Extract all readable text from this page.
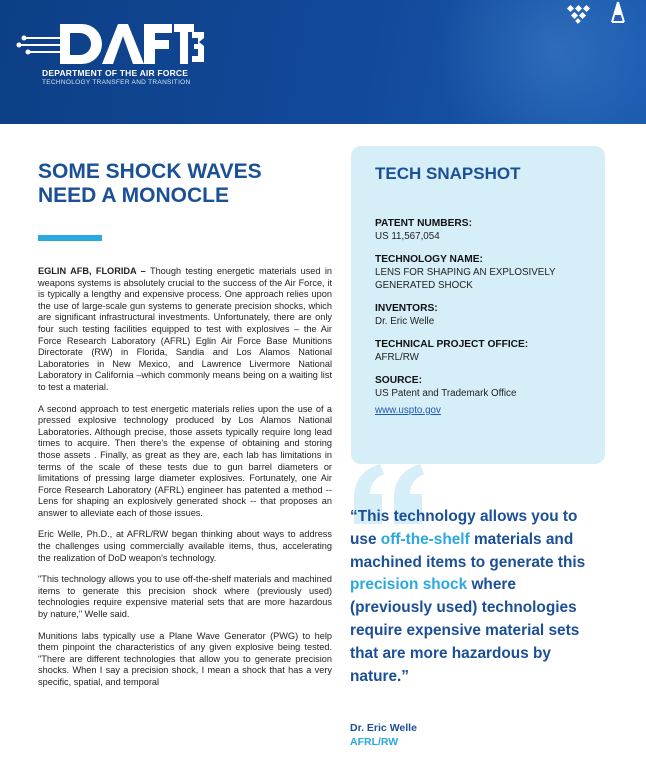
DEPARTMENT OF THE AIR FORCE
TECHNOLOGY TRANSFER AND TRANSITION
SOME SHOCK WAVES
NEED A MONOCLE

EGLIN AFB, FLORIDA – Though testing energetic materials used in weapons systems is absolutely crucial to the success of the Air Force, it is typically a lengthy and expensive process. One approach relies upon the use of large-scale gun systems to generate precision shocks, which are significant infrastructural investments. Unfortunately, there are only four such testing facilities equipped to test with explosives – the Air Force Research Laboratory (AFRL) Eglin Air Force Base Munitions Directorate (RW) in Florida, Sandia and Los Alamos National Laboratories in New Mexico, and Lawrence Livermore National Laboratory in California –which commonly means being on a waiting list to test a material.

A second approach to test energetic materials relies upon the use of a pressed explosive technology produced by Los Alamos National Laboratories. Although precise, those assets typically require long lead times to acquire. Then there's the expense of obtaining and storing those assets . Finally, as great as they are, each lab has limitations in terms of the scale of these tests due to gun barrel diameters or limitations of pressing large diameter explosives. Fortunately, one Air Force Research Laboratory (AFRL) engineer has patented a method -- Lens for shaping an explosively generated shock -- that proposes an answer to alleviate each of those issues.

Eric Welle, Ph.D., at AFRL/RW began thinking about ways to address the challenges using commercially available items, thus, accelerating the realization of DoD weapon's technology.

"This technology allows you to use off-the-shelf materials and machined items to generate this precision shock where (previously used) technologies require expensive material sets that are more hazardous by nature," Welle said.

Munitions labs typically use a Plane Wave Generator (PWG) to help them pinpoint the characteristics of any given explosive being tested. "There are different technologies that allow you to generate precision shocks. When I say a precision shock, I mean a shock that has a very specific, spatial, and temporal

TECH SNAPSHOT
PATENT NUMBERS:
US 11,567,054
TECHNOLOGY NAME:
LENS FOR SHAPING AN EXPLOSIVELY GENERATED SHOCK
INVENTORS:
Dr. Eric Welle
TECHNICAL PROJECT OFFICE:
AFRL/RW
SOURCE:
US Patent and Trademark Office
www.uspto.gov
“This technology allows you to use off-the-shelf materials and machined items to generate this precision shock where (previously used) technologies require expensive material sets that are more hazardous by nature.”
Dr. Eric Welle
AFRL/RW
